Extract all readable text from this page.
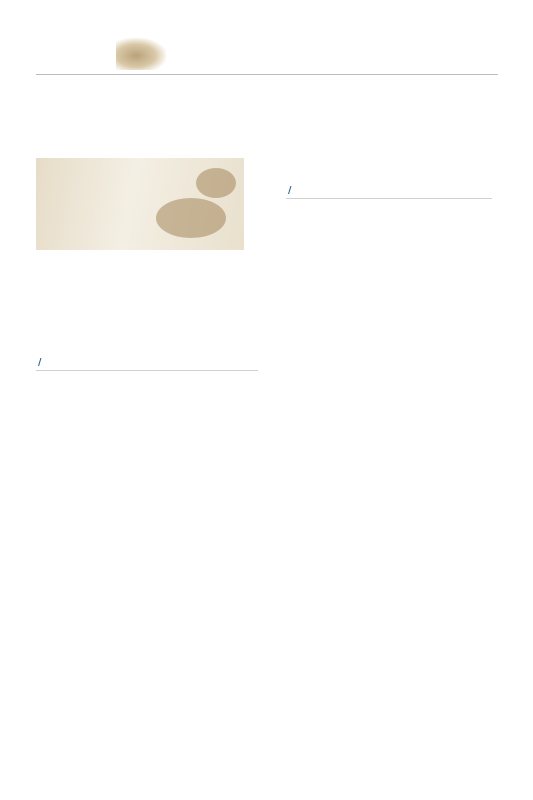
/

/
